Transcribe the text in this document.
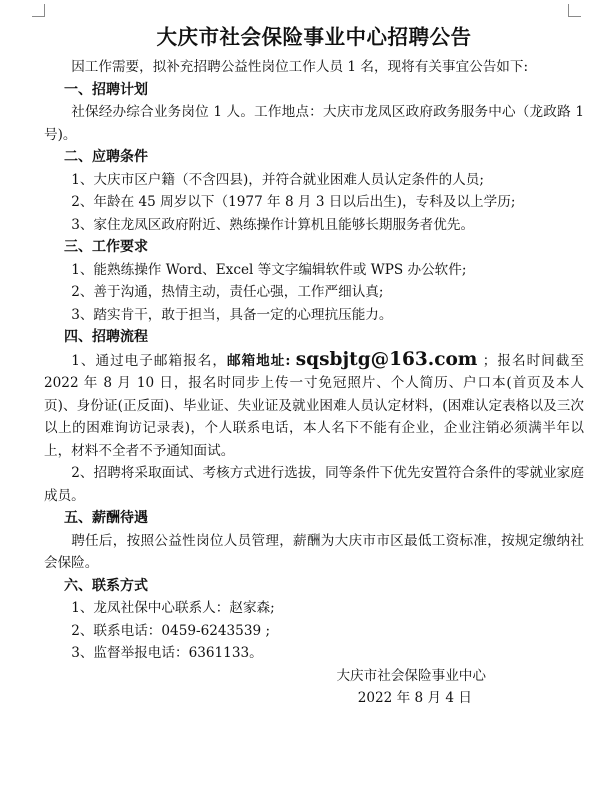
大庆市社会保险事业中心招聘公告

因工作需要，拟补充招聘公益性岗位工作人员 1 名，现将有关事宜公告如下:

一、招聘计划

社保经办综合业务岗位 1 人。工作地点：大庆市龙凤区政府政务服务中心（龙政路 1 号)。

二、应聘条件

1、大庆市区户籍（不含四县)，并符合就业困难人员认定条件的人员;

2、年龄在 45 周岁以下（1977 年 8 月 3 日以后出生)，专科及以上学历;

3、家住龙凤区政府附近、熟练操作计算机且能够长期服务者优先。

三、工作要求

1、能熟练操作 Word、Excel 等文字编辑软件或 WPS 办公软件;

2、善于沟通，热情主动，责任心强，工作严细认真;

3、踏实肯干，敢于担当，具备一定的心理抗压能力。

四、招聘流程

1、通过电子邮箱报名，邮箱地址: sqsbjtg@163.com ；报名时间截至 2022 年 8 月 10 日，报名时同步上传一寸免冠照片、个人简历、户口本(首页及本人页)、身份证(正反面)、毕业证、失业证及就业困难人员认定材料，(困难认定表格以及三次以上的困难询访记录表)，个人联系电话，本人名下不能有企业，企业注销必须满半年以上，材料不全者不予通知面试。

2、招聘将采取面试、考核方式进行选拔，同等条件下优先安置符合条件的零就业家庭成员。

五、薪酬待遇

聘任后，按照公益性岗位人员管理，薪酬为大庆市市区最低工资标准，按规定缴纳社会保险。

六、联系方式

1、龙凤社保中心联系人：赵家森;

2、联系电话：0459-6243539 ;

3、监督举报电话：6361133。

大庆市社会保险事业中心

2022 年 8 月 4 日
